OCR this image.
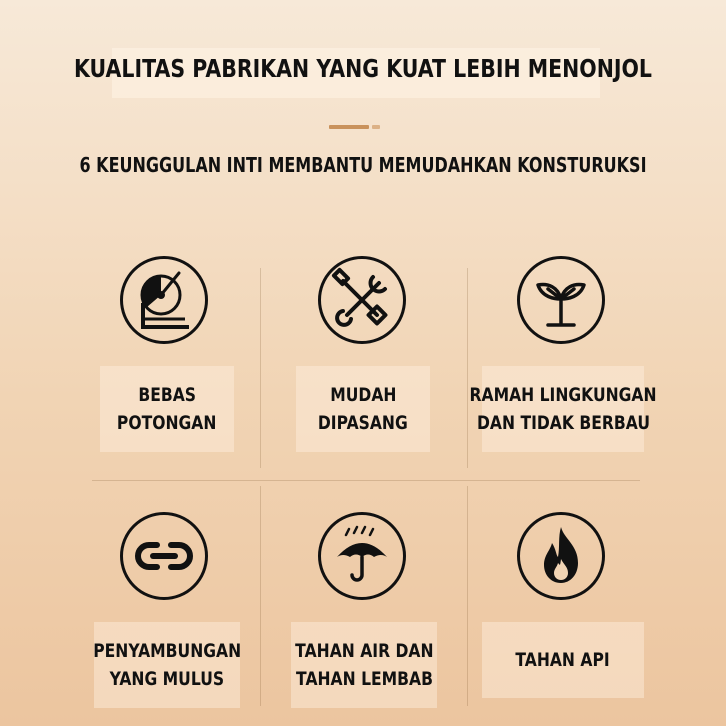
KUALITAS PABRIKAN YANG KUAT LEBIH MENONJOL
6 KEUNGGULAN INTI MEMBANTU MEMUDAHKAN KONSTURUKSI
BEBAS
POTONGAN
MUDAH
DIPASANG
RAMAH LINGKUNGAN
DAN TIDAK BERBAU
PENYAMBUNGAN
YANG MULUS
TAHAN AIR DAN
TAHAN LEMBAB
TAHAN API
